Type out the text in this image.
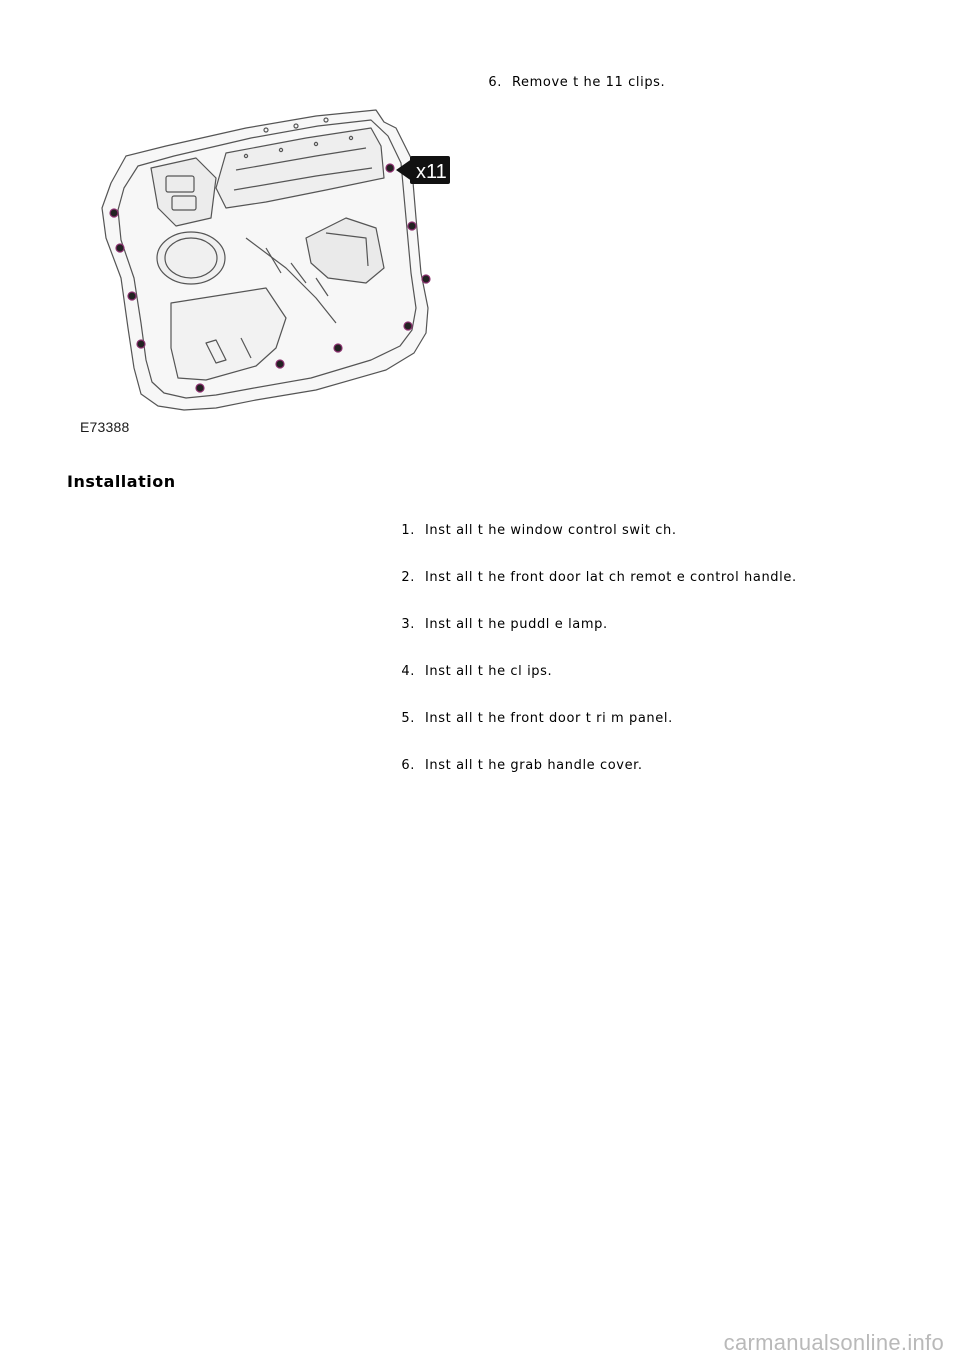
6. Remove t he 11 clips.
x11
E73388
Installation
1. Inst all t he window control swit ch.
2. Inst all t he front door lat ch remot e control handle.
3. Inst all t he puddl e lamp.
4. Inst all t he cl ips.
5. Inst all t he front door t ri m panel.
6. Inst all t he grab handle cover.
carmanualsonline.info
